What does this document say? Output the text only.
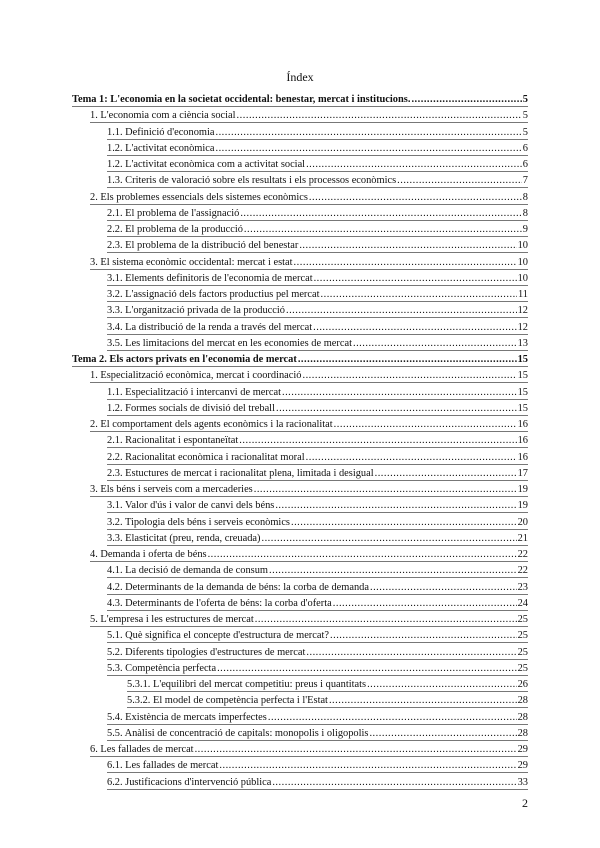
Índex
Tema 1: L'economia en la societat occidental: benestar, mercat i institucions. .....	5
1. L'economia com a ciència social .....	5
1.1. Definició d'economia .....	5
1.2. L'activitat econòmica .....	6
1.2. L'activitat econòmica com a activitat social .....	6
1.3. Criteris de valoració sobre els resultats i els processos econòmics .....	7
2. Els problemes essencials dels sistemes econòmics .....	8
2.1. El problema de l'assignació .....	8
2.2. El problema de la producció .....	9
2.3. El problema de la distribució del benestar .....	10
3. El sistema econòmic occidental: mercat i estat .....	10
3.1. Elements definitoris de l'economia de mercat .....	10
3.2. L'assignació dels factors productius pel mercat .....	11
3.3. L'organització privada de la producció .....	12
3.4. La distribució de la renda a través del mercat .....	12
3.5. Les limitacions del mercat en les economies de mercat .....	13
Tema 2. Els actors privats en l'economia de mercat .....	15
1. Especialització econòmica, mercat i coordinació .....	15
1.1. Especialització i intercanvi de mercat .....	15
1.2. Formes socials de divisió del treball .....	15
2. El comportament dels agents econòmics i la racionalitat .....	16
2.1. Racionalitat i espontaneïtat .....	16
2.2. Racionalitat econòmica i racionalitat moral .....	16
2.3. Estuctures de mercat i racionalitat plena, limitada i desigual .....	17
3. Els béns i serveis com a mercaderies .....	19
3.1. Valor d'ús i valor de canvi dels béns .....	19
3.2. Tipologia dels béns i serveis econòmics .....	20
3.3. Elasticitat (preu, renda, creuada) .....	21
4. Demanda i oferta de béns .....	22
4.1. La decisió de demanda de consum .....	22
4.2. Determinants de la demanda de béns: la corba de demanda .....	23
4.3. Determinants de l'oferta de béns: la corba d'oferta .....	24
5. L'empresa i les estructures de mercat .....	25
5.1. Què significa el concepte d'estructura de mercat? .....	25
5.2. Diferents tipologies d'estructures de mercat .....	25
5.3. Competència perfecta .....	25
5.3.1. L'equilibri del mercat competitiu: preus i quantitats .....	26
5.3.2. El model de competència perfecta i l'Estat .....	28
5.4. Existència de mercats imperfectes .....	28
5.5. Anàlisi de concentració de capitals: monopolis i oligopolis .....	28
6. Les fallades de mercat .....	29
6.1. Les fallades de mercat .....	29
6.2. Justificacions d'intervenció pública .....	33
2
